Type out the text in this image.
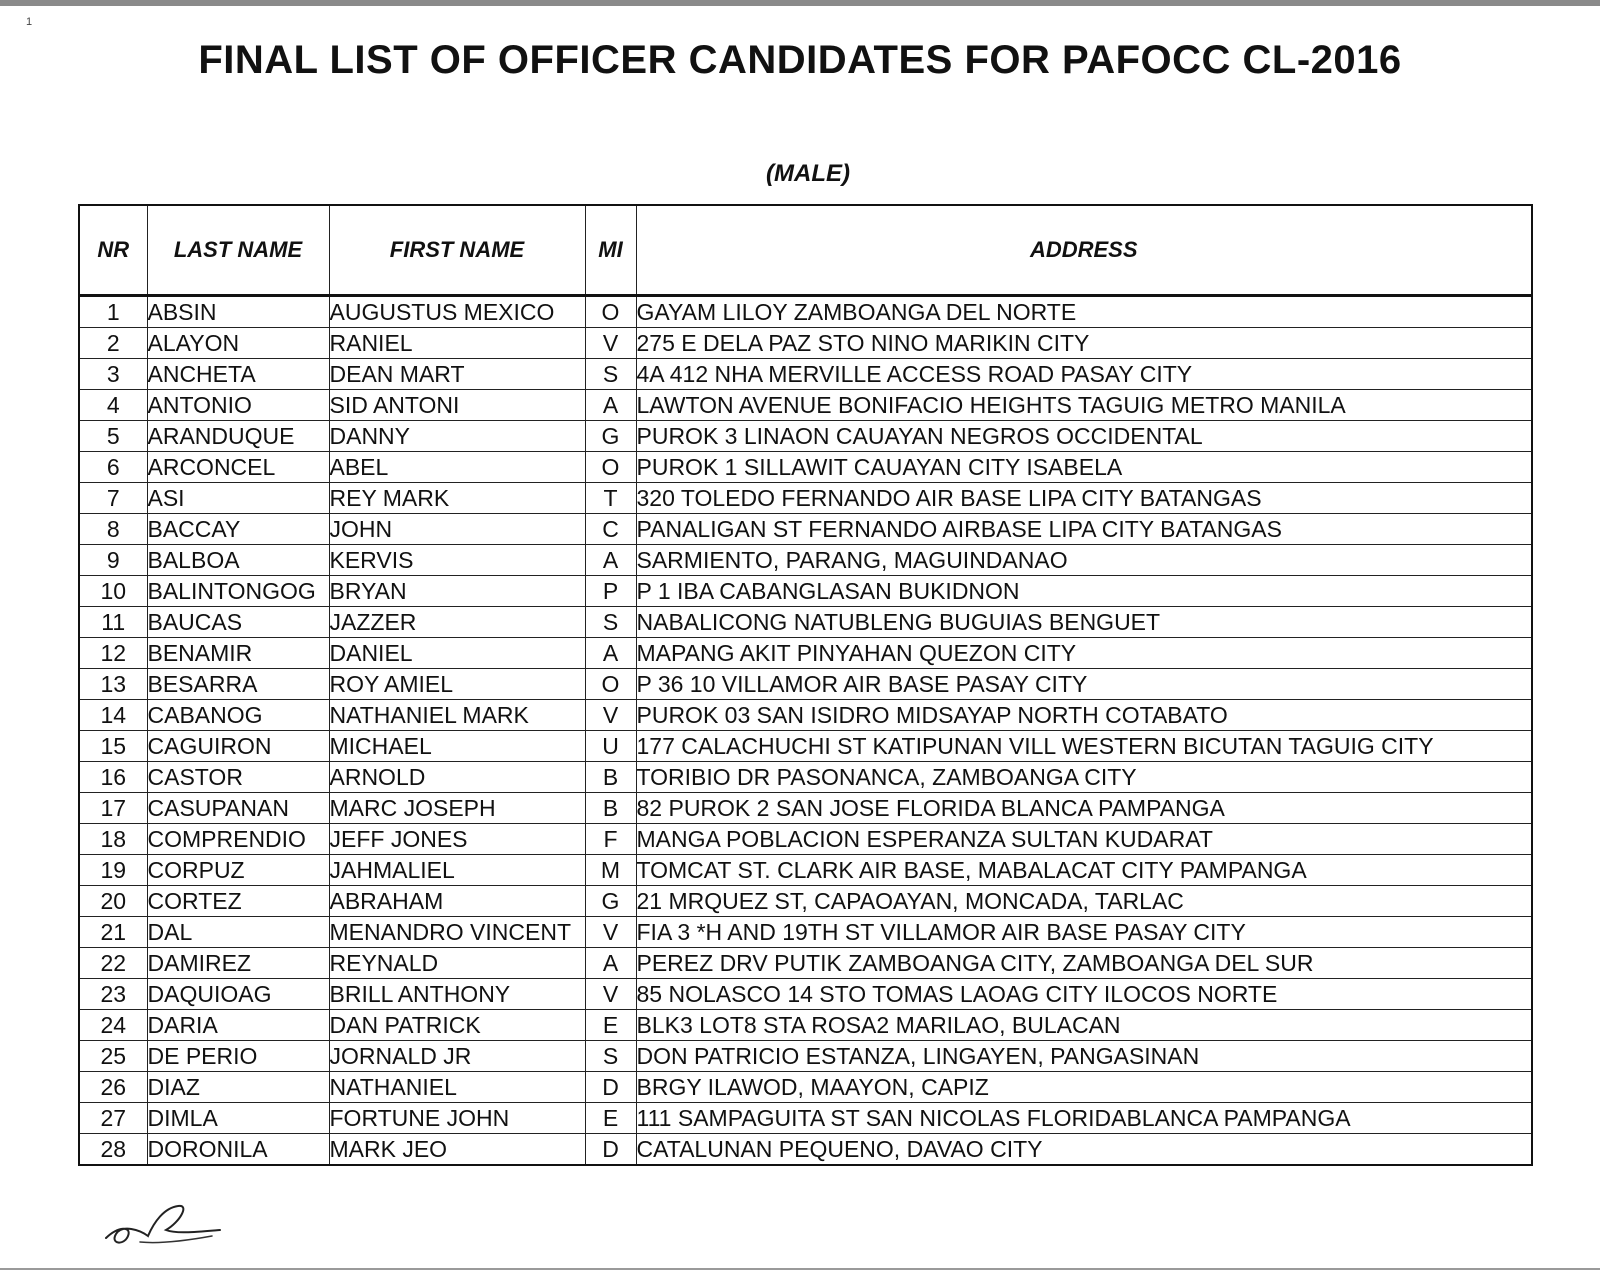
1
FINAL LIST OF OFFICER CANDIDATES FOR PAFOCC CL-2016
(MALE)
NR	LAST NAME	FIRST NAME	MI	ADDRESS
1	ABSIN	AUGUSTUS MEXICO	O	GAYAM LILOY ZAMBOANGA DEL NORTE
2	ALAYON	RANIEL	V	275 E DELA PAZ STO NINO MARIKIN CITY
3	ANCHETA	DEAN MART	S	4A 412 NHA MERVILLE ACCESS ROAD PASAY CITY
4	ANTONIO	SID ANTONI	A	LAWTON AVENUE BONIFACIO HEIGHTS TAGUIG METRO MANILA
5	ARANDUQUE	DANNY	G	PUROK 3 LINAON CAUAYAN NEGROS OCCIDENTAL
6	ARCONCEL	ABEL	O	PUROK 1 SILLAWIT CAUAYAN CITY ISABELA
7	ASI	REY MARK	T	320 TOLEDO FERNANDO AIR BASE LIPA CITY BATANGAS
8	BACCAY	JOHN	C	PANALIGAN ST FERNANDO AIRBASE LIPA CITY BATANGAS
9	BALBOA	KERVIS	A	SARMIENTO, PARANG, MAGUINDANAO
10	BALINTONGOG	BRYAN	P	P 1 IBA CABANGLASAN BUKIDNON
11	BAUCAS	JAZZER	S	NABALICONG NATUBLENG BUGUIAS BENGUET
12	BENAMIR	DANIEL	A	MAPANG AKIT PINYAHAN QUEZON CITY
13	BESARRA	ROY AMIEL	O	P 36 10 VILLAMOR AIR BASE PASAY CITY
14	CABANOG	NATHANIEL MARK	V	PUROK 03 SAN ISIDRO MIDSAYAP NORTH COTABATO
15	CAGUIRON	MICHAEL	U	177 CALACHUCHI ST KATIPUNAN VILL WESTERN BICUTAN TAGUIG CITY
16	CASTOR	ARNOLD	B	TORIBIO DR PASONANCA, ZAMBOANGA CITY
17	CASUPANAN	MARC JOSEPH	B	82 PUROK 2 SAN JOSE FLORIDA BLANCA PAMPANGA
18	COMPRENDIO	JEFF JONES	F	MANGA POBLACION ESPERANZA SULTAN KUDARAT
19	CORPUZ	JAHMALIEL	M	TOMCAT ST. CLARK AIR BASE, MABALACAT CITY PAMPANGA
20	CORTEZ	ABRAHAM	G	21 MRQUEZ ST, CAPAOAYAN, MONCADA, TARLAC
21	DAL	MENANDRO VINCENT	V	FIA 3 *H AND 19TH ST VILLAMOR AIR BASE PASAY CITY
22	DAMIREZ	REYNALD	A	PEREZ DRV PUTIK ZAMBOANGA CITY, ZAMBOANGA DEL SUR
23	DAQUIOAG	BRILL ANTHONY	V	85 NOLASCO 14 STO TOMAS LAOAG CITY ILOCOS NORTE
24	DARIA	DAN PATRICK	E	BLK3 LOT8 STA ROSA2 MARILAO, BULACAN
25	DE PERIO	JORNALD JR	S	DON PATRICIO ESTANZA, LINGAYEN, PANGASINAN
26	DIAZ	NATHANIEL	D	BRGY ILAWOD, MAAYON, CAPIZ
27	DIMLA	FORTUNE JOHN	E	111 SAMPAGUITA ST SAN NICOLAS FLORIDABLANCA PAMPANGA
28	DORONILA	MARK JEO	D	CATALUNAN PEQUENO, DAVAO CITY
